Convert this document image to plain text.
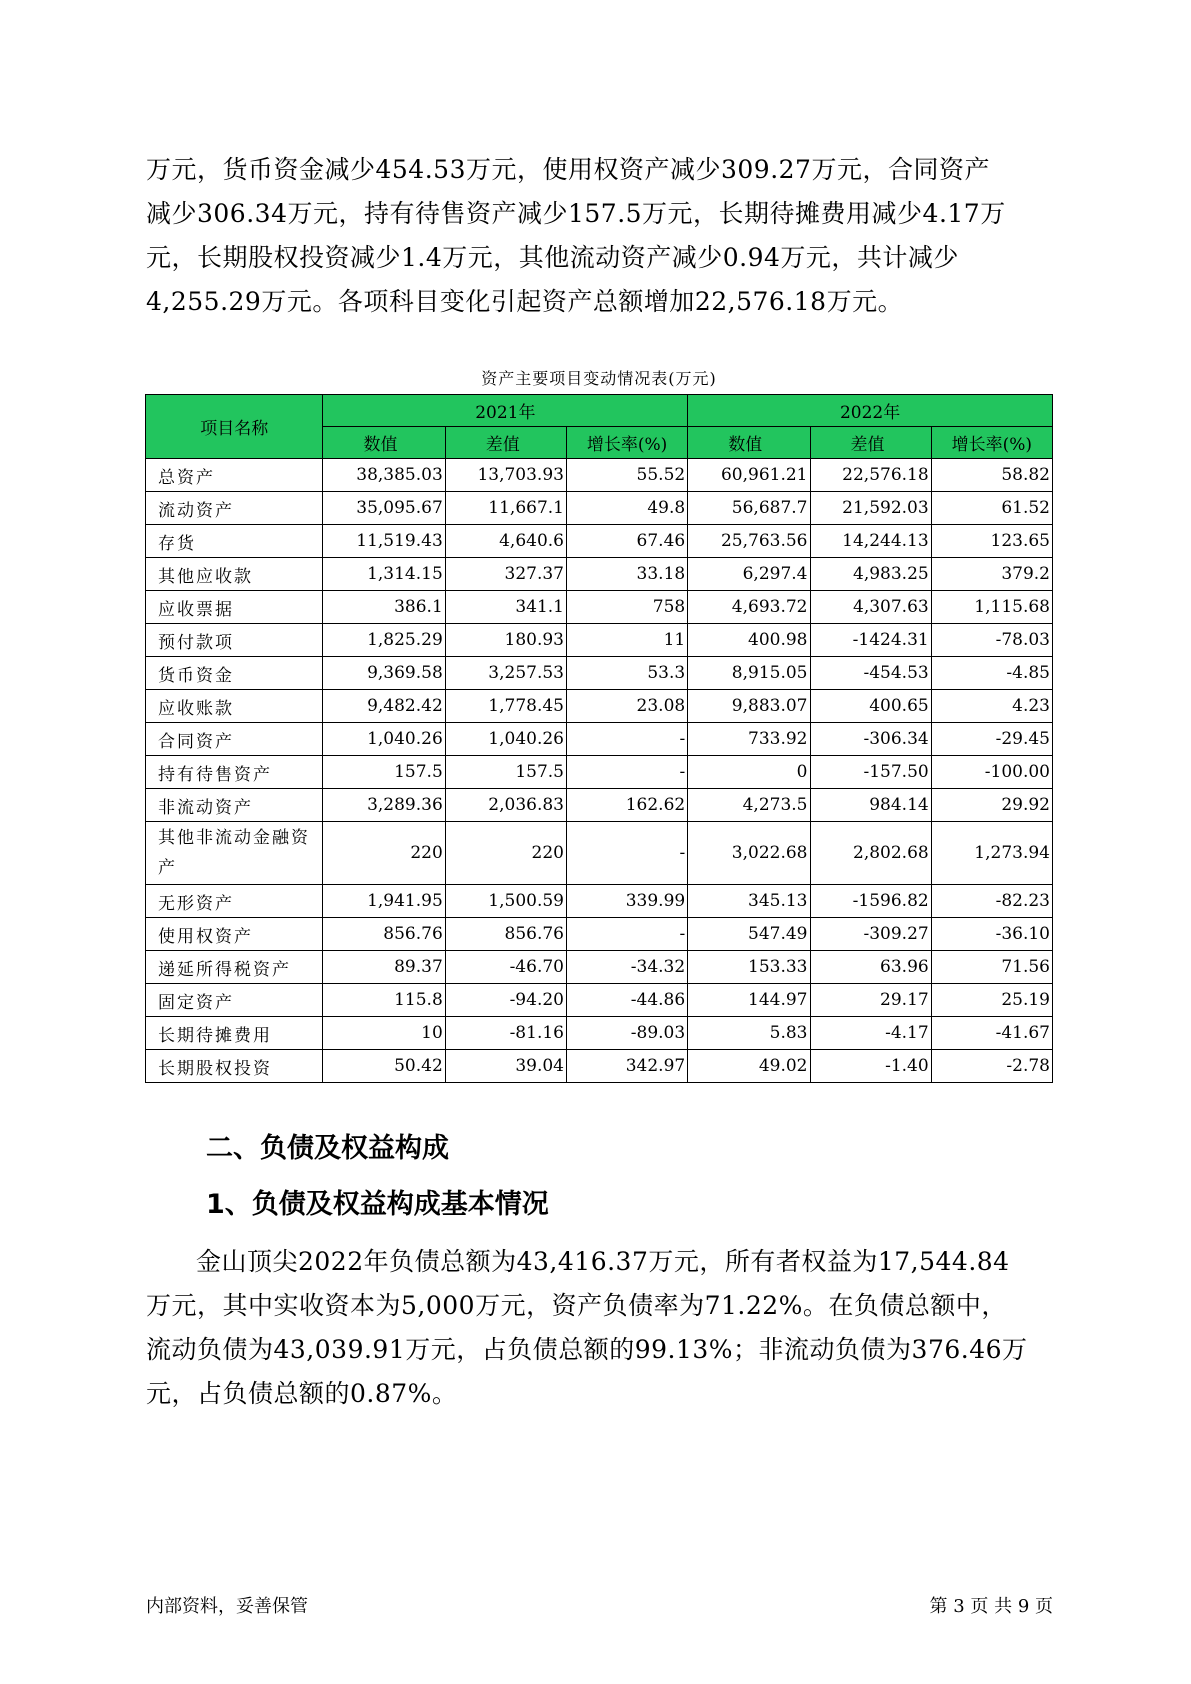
万元，货币资金减少454.53万元，使用权资产减少309.27万元，合同资产
减少306.34万元，持有待售资产减少157.5万元，长期待摊费用减少4.17万
元，长期股权投资减少1.4万元，其他流动资产减少0.94万元，共计减少
4,255.29万元。各项科目变化引起资产总额增加22,576.18万元。
资产主要项目变动情况表(万元)
项目名称	2021年			2022年		
	数值	差值	增长率(%)	数值	差值	增长率(%)
总资产	38,385.03	13,703.93	55.52	60,961.21	22,576.18	58.82
流动资产	35,095.67	11,667.1	49.8	56,687.7	21,592.03	61.52
存货	11,519.43	4,640.6	67.46	25,763.56	14,244.13	123.65
其他应收款	1,314.15	327.37	33.18	6,297.4	4,983.25	379.2
应收票据	386.1	341.1	758	4,693.72	4,307.63	1,115.68
预付款项	1,825.29	180.93	11	400.98	-1424.31	-78.03
货币资金	9,369.58	3,257.53	53.3	8,915.05	-454.53	-4.85
应收账款	9,482.42	1,778.45	23.08	9,883.07	400.65	4.23
合同资产	1,040.26	1,040.26	-	733.92	-306.34	-29.45
持有待售资产	157.5	157.5	-	0	-157.50	-100.00
非流动资产	3,289.36	2,036.83	162.62	4,273.5	984.14	29.92
其他非流动金融资产	220	220	-	3,022.68	2,802.68	1,273.94
无形资产	1,941.95	1,500.59	339.99	345.13	-1596.82	-82.23
使用权资产	856.76	856.76	-	547.49	-309.27	-36.10
递延所得税资产	89.37	-46.70	-34.32	153.33	63.96	71.56
固定资产	115.8	-94.20	-44.86	144.97	29.17	25.19
长期待摊费用	10	-81.16	-89.03	5.83	-4.17	-41.67
长期股权投资	50.42	39.04	342.97	49.02	-1.40	-2.78
二、负债及权益构成
1、负债及权益构成基本情况
金山顶尖2022年负债总额为43,416.37万元，所有者权益为17,544.84
万元，其中实收资本为5,000万元，资产负债率为71.22%。在负债总额中，
流动负债为43,039.91万元，占负债总额的99.13%；非流动负债为376.46万
元，占负债总额的0.87%。
内部资料，妥善保管	第 3 页 共 9 页
